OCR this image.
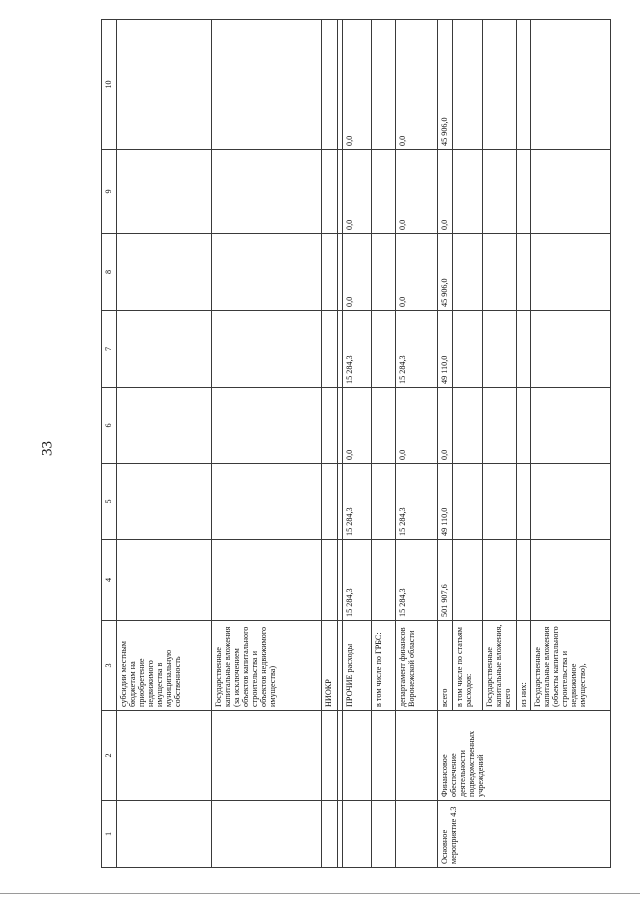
33
1	2	3	4	5	6	7	8	9	10
		субсидии местным бюджетам на приобретение недвижимого имущества в муниципальную собственность							
		Государственные капитальные вложения (за исключением объектов капитального строительства и объектов недвижимого имущества)							
		НИОКР							

		ПРОЧИЕ расходы	15 284,3	15 284,3	0,0	15 284,3	0,0	0,0	0,0
		в том числе по ГРБС:							
		департамент финансов Воронежской области	15 284,3	15 284,3	0,0	15 284,3	0,0	0,0	0,0
Основное мероприятие 4.3	Финансовое обеспечение деятельности подведомственных учреждений	всего	501 907,6	49 110,0	0,0	49 110,0	45 906,0	0,0	45 906,0
		в том числе по статьям расходов:							
		Государственные капитальные вложения, всего							
		из них:							
		Государственные капитальные вложения (объекты капитального строительства и недвижимое имущество),							
